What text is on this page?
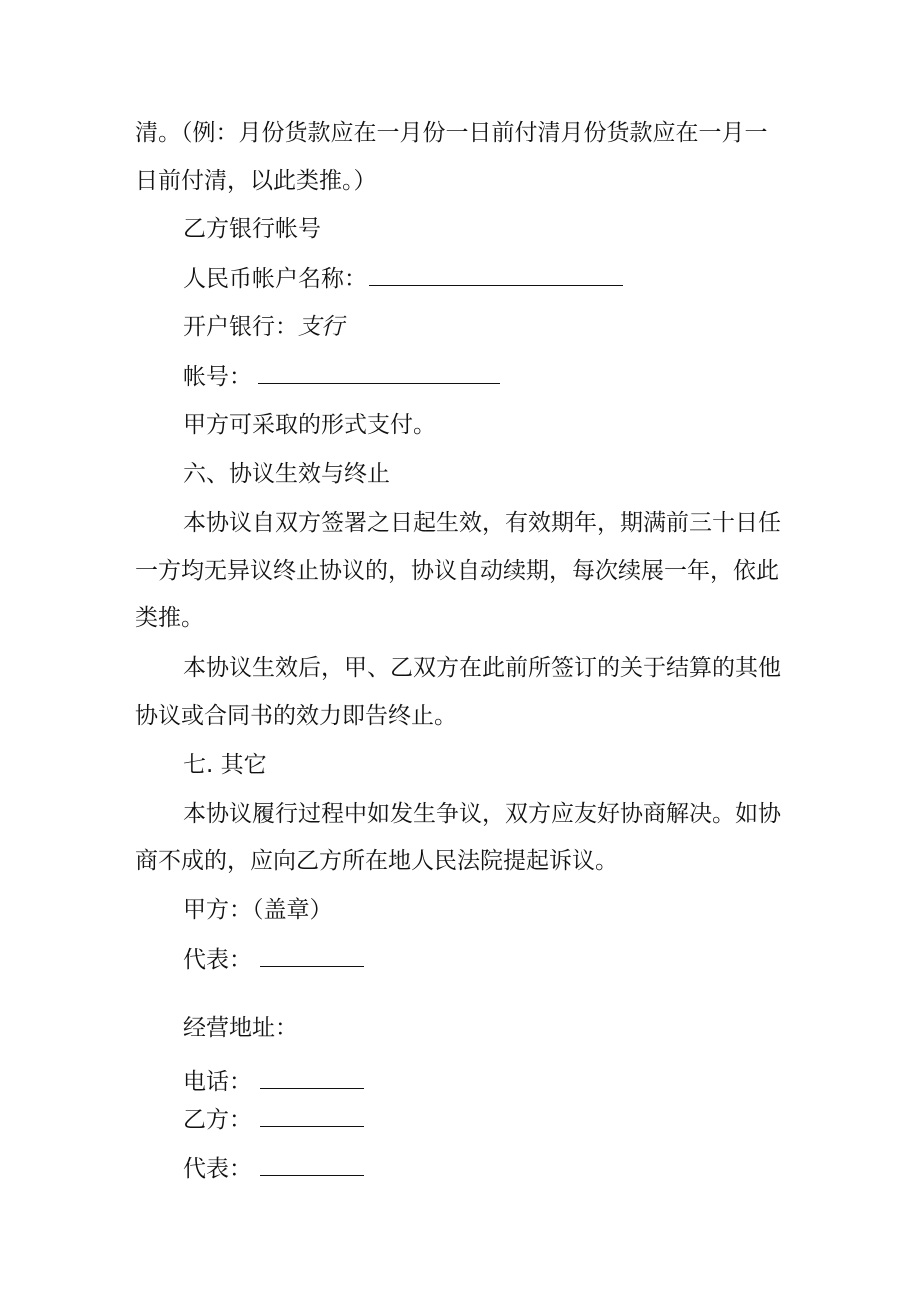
清。（例：月份货款应在一月份一日前付清月份货款应在一月一
日前付清，以此类推。）
乙方银行帐号
人民币帐户名称：
开户银行：支行
帐号：
甲方可采取的形式支付。
六、协议生效与终止
本协议自双方签署之日起生效，有效期年，期满前三十日任
一方均无异议终止协议的，协议自动续期，每次续展一年，依此
类推。
本协议生效后，甲、乙双方在此前所签订的关于结算的其他
协议或合同书的效力即告终止。
七. 其它
本协议履行过程中如发生争议，双方应友好协商解决。如协
商不成的，应向乙方所在地人民法院提起诉议。
甲方：（盖章）
代表：
经营地址：
电话：
乙方：
代表：
